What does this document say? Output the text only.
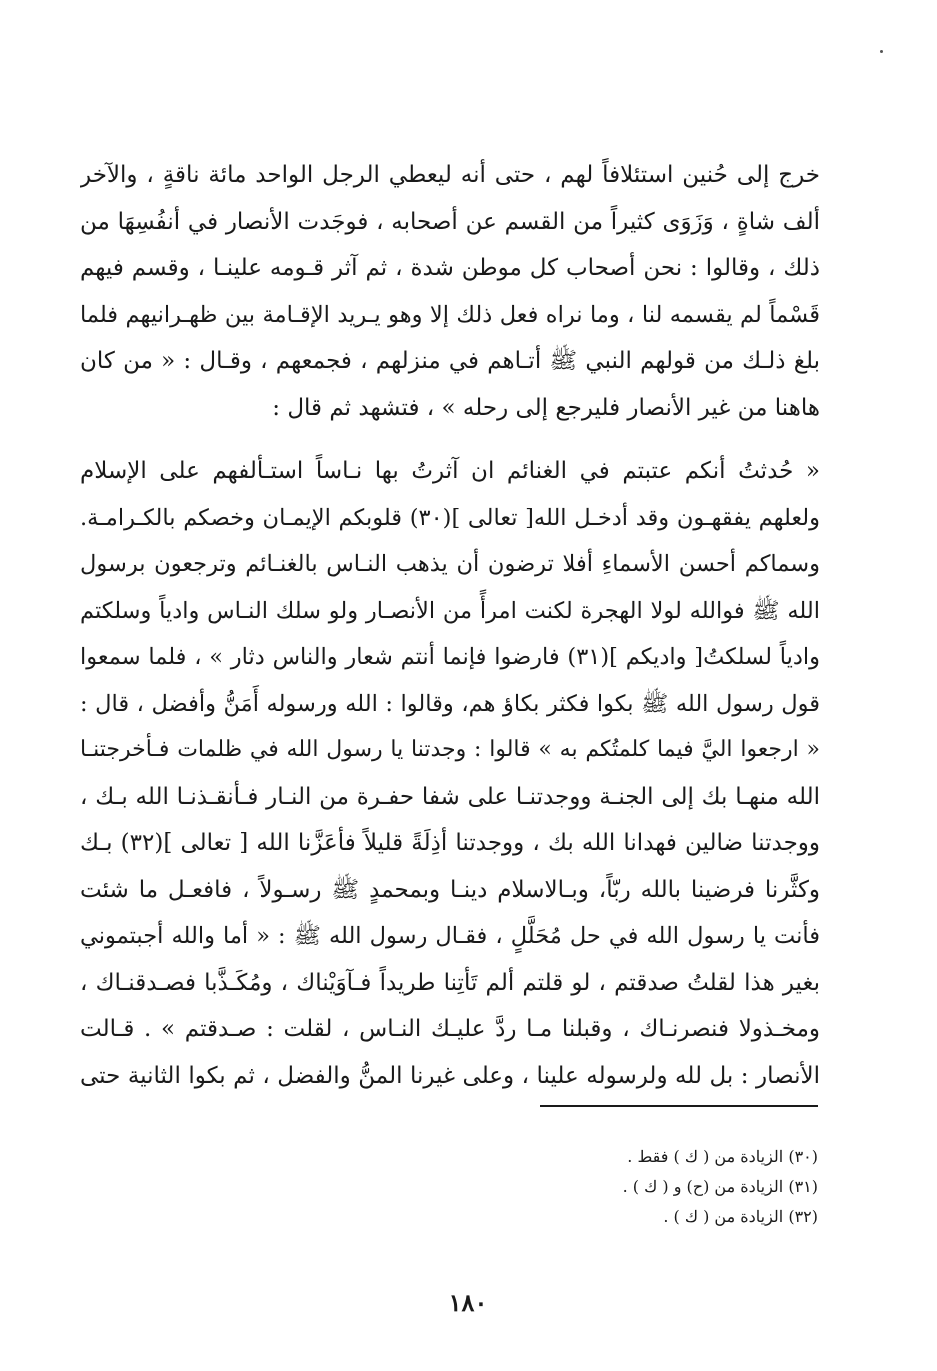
خرج إلى حُنين استئلافاً لهم ، حتى أنه ليعطي الرجل الواحد مائة ناقةٍ ، والآخر
ألف شاةٍ ، وَزَوَى كثيراً من القسم عن أصحابه ، فوجَدت الأنصار في أنفُسِهَا من
ذلك ، وقالوا : نحن أصحاب كل موطن شدة ، ثم آثر قـومه علينـا ، وقسم فيهم
قَسْماً لم يقسمه لنا ، وما نراه فعل ذلك إلا وهو يـريد الإقـامة بين ظهـرانيهم فلما
بلغ ذلـك من قولهم النبي ﷺ أتـاهم في منزلهم ، فجمعهم ، وقـال : « من كان
هاهنا من غير الأنصار فليرجع إلى رحله » ، فتشهد ثم قال :
« حُدثتُ أنكم عتبتم في الغنائم ان آثرتُ بها نـاساً استـألفهم على الإسلام
ولعلهم يفقهـون وقد أدخـل الله[ تعالى ](٣٠) قلوبكم الإيمـان وخصكم بالكـرامـة.
وسماكم أحسن الأسماءِ أفلا ترضون أن يذهب النـاس بالغنـائم وترجعون برسول
الله ﷺ فوالله لولا الهجرة لكنت امرأً من الأنصـار ولو سلك النـاس وادياً وسلكتم
وادياً لسلكتُ[ واديكم ](٣١) فارضوا فإنما أنتم شعار والناس دثار » ، فلما سمعوا
قول رسول الله ﷺ بكوا فكثر بكاؤ هم، وقالوا : الله ورسوله أَمَنُّ وأفضل ، قال :
« ارجعوا اليَّ فيما كلمتُكم به » قالوا : وجدتنا يا رسول الله في ظلمات فـأخرجتنـا
الله منهـا بك إلى الجنـة ووجدتنـا على شفا حفـرة من النـار فـأنقـذنـا الله بـك ،
ووجدتنا ضالين فهدانا الله بك ، ووجدتنا أذِلَةً قليلاً فأعَزَّنا الله [ تعالى ](٣٢) بـك
وكثَّرنا فرضينا بالله ربّاً، وبـالاسلام دينـا وبمحمدٍ ﷺ رسـولاً ، فافعـل ما شئت
فأنت يا رسول الله في حل مُحَلَّلٍ ، فقـال رسول الله ﷺ : « أما والله أجبتموني
بغير هذا لقلتُ صدقتم ، لو قلتم ألم تَأتِنا طريداً فـآوَيْناك ، ومُكَـذَّبا فصـدقنـاك ،
ومخـذولا فنصرنـاك ، وقبلنا مـا ردَّ عليـك النـاس ، لقلت : صـدقتم » . قـالت
الأنصار : بل لله ولرسوله علينا ، وعلى غيرنا المنُّ والفضل ، ثم بكوا الثانية حتى
(٣٠) الزيادة من ( ك ) فقط .
(٣١) الزيادة من (ح) و ( ك ) .
(٣٢) الزيادة من ( ك ) .
١٨٠
